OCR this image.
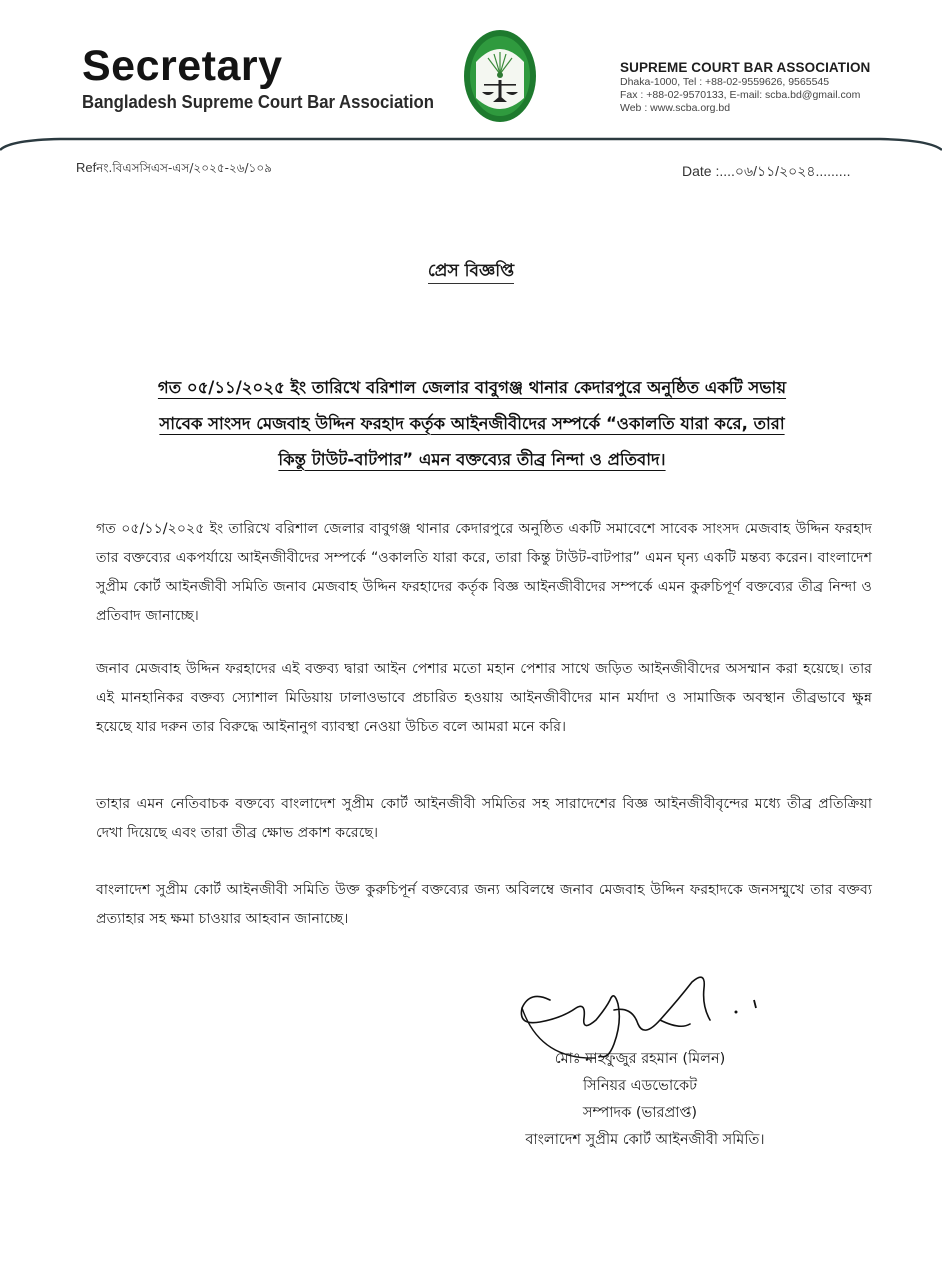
Secretary
Bangladesh Supreme Court Bar Association
SUPREME COURT BAR ASSOCIATION
Dhaka-1000, Tel : +88-02-9559626, 9565545
Fax : +88-02-9570133, E-mail: scba.bd@gmail.com
Web : www.scba.org.bd
Refনং.বিএসসিএস-এস/২০২৫-২৬/১০৯	Date :....০৬/১১/২০২৪.........
প্রেস বিজ্ঞপ্তি
গত ০৫/১১/২০২৫ ইং তারিখে বরিশাল জেলার বাবুগঞ্জ থানার কেদারপুরে অনুষ্ঠিত একটি সভায়
সাবেক সাংসদ মেজবাহ উদ্দিন ফরহাদ কর্তৃক আইনজীবীদের সম্পর্কে “ওকালতি যারা করে, তারা
কিন্তু টাউট-বাটপার” এমন বক্তব্যের তীব্র নিন্দা ও প্রতিবাদ।
গত ০৫/১১/২০২৫ ইং তারিখে বরিশাল জেলার বাবুগঞ্জ থানার কেদারপুরে অনুষ্ঠিত একটি সমাবেশে সাবেক সাংসদ মেজবাহ উদ্দিন ফরহাদ তার বক্তব্যের একপর্যায়ে আইনজীবীদের সম্পর্কে “ওকালতি যারা করে, তারা কিন্তু টাউট-বাটপার” এমন ঘৃন্য একটি মন্তব্য করেন। বাংলাদেশ সুপ্রীম কোর্ট আইনজীবী সমিতি জনাব মেজবাহ উদ্দিন ফরহাদের কর্তৃক বিজ্ঞ আইনজীবীদের সম্পর্কে এমন কুরুচিপূর্ণ বক্তব্যের তীব্র নিন্দা ও প্রতিবাদ জানাচ্ছে।
জনাব মেজবাহ উদ্দিন ফরহাদের এই বক্তব্য দ্বারা আইন পেশার মতো মহান পেশার সাথে জড়িত আইনজীবীদের অসম্মান করা হয়েছে। তার এই মানহানিকর বক্তব্য স্যোশাল মিডিয়ায় ঢালাওভাবে প্রচারিত হওয়ায় আইনজীবীদের মান মর্যাদা ও সামাজিক অবস্থান তীব্রভাবে ক্ষুন্ন হয়েছে যার দরুন তার বিরুদ্ধে আইনানুগ ব্যাবস্থা নেওয়া উচিত বলে আমরা মনে করি।
তাহার এমন নেতিবাচক বক্তব্যে বাংলাদেশ সুপ্রীম কোর্ট আইনজীবী সমিতির সহ সারাদেশের বিজ্ঞ আইনজীবীবৃন্দের মধ্যে তীব্র প্রতিক্রিয়া দেখা দিয়েছে এবং তারা তীব্র ক্ষোভ প্রকাশ করেছে।
বাংলাদেশ সুপ্রীম কোর্ট আইনজীবী সমিতি উক্ত কুরুচিপূর্ন বক্তব্যের জন্য অবিলম্বে জনাব মেজবাহ উদ্দিন ফরহাদকে জনসম্মুখে তার বক্তব্য প্রত্যাহার সহ ক্ষমা চাওয়ার আহবান জানাচ্ছে।
মোঃ মাহফুজুর রহমান (মিলন)
সিনিয়র এডভোকেট
সম্পাদক (ভারপ্রাপ্ত)
বাংলাদেশ সুপ্রীম কোর্ট আইনজীবী সমিতি।
